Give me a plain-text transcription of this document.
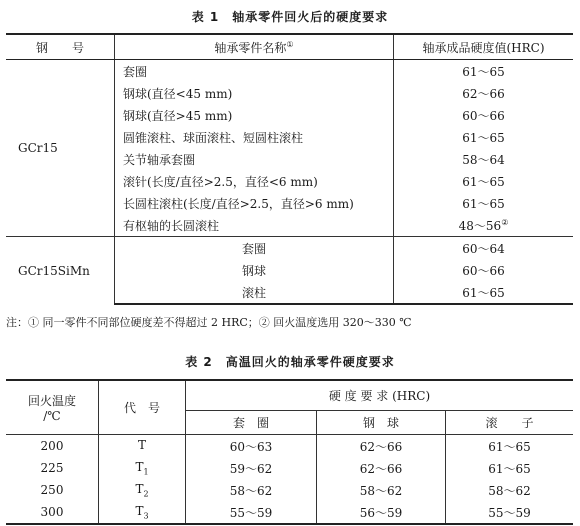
表 1　轴承零件回火后的硬度要求
钢　　号	轴承零件名称①	轴承成品硬度值(HRC)
GCr15	套圈	61～65
	钢球(直径<45 mm)	62～66
	钢球(直径>45 mm)	60～66
	圆锥滚柱、球面滚柱、短圆柱滚柱	61～65
	关节轴承套圈	58～64
	滚针(长度/直径>2.5，直径<6 mm)	61～65
	长圆柱滚柱(长度/直径>2.5，直径>6 mm)	61～65
	有枢轴的长圆滚柱	48～56②
GCr15SiMn	套圈	60～64
	钢球	60～66
	滚柱	61～65
注：① 同一零件不同部位硬度差不得超过 2 HRC；② 回火温度选用 320～330 ℃
表 2　高温回火的轴承零件硬度要求
回火温度
/℃	代　号	硬 度 要 求 (HRC)		
		套　圈	钢　球	滚　　子
200	T	60～63	62～66	61～65
225	$T_1$	59～62	62～66	61～65
250	$T_2$	58～62	58～62	58～62
300	$T_3$	55～59	56～59	55～59
